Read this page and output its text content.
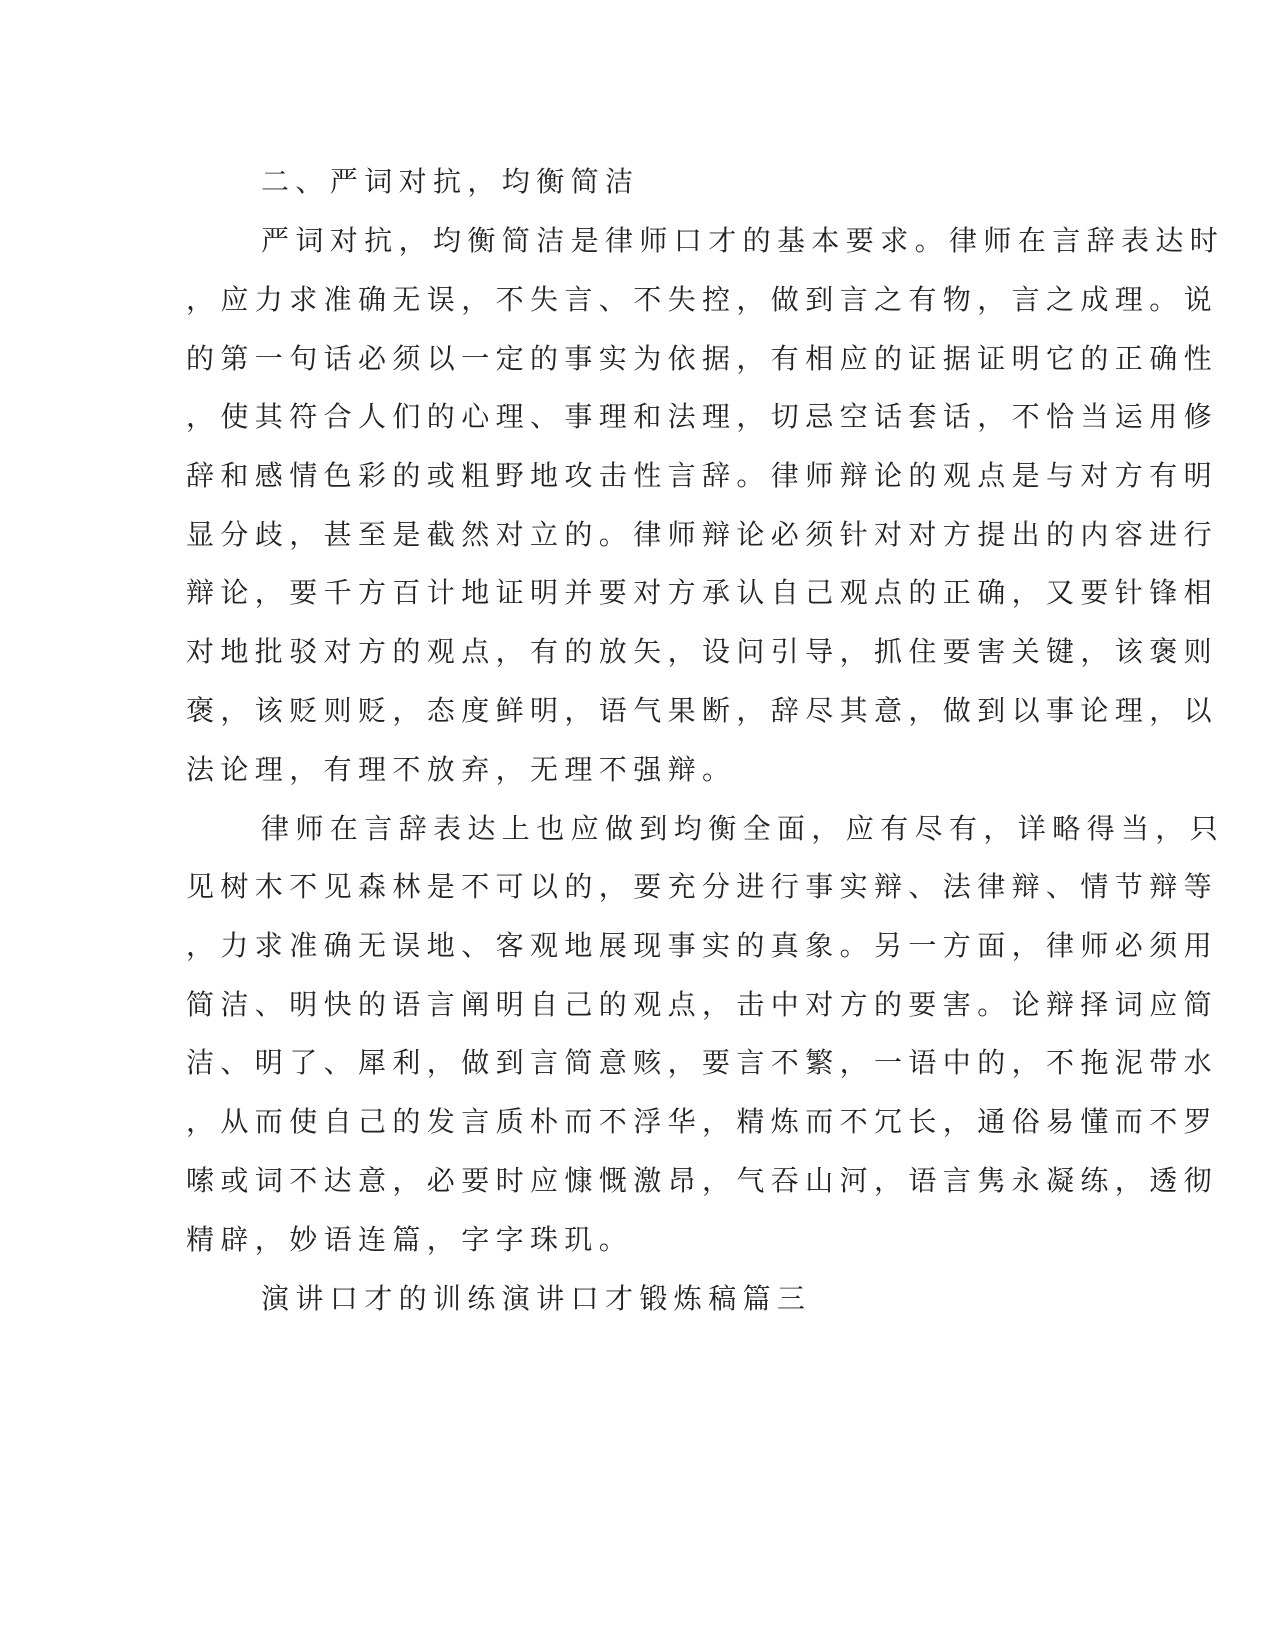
二、严词对抗，均衡简洁
严词对抗，均衡简洁是律师口才的基本要求。律师在言辞表达时
，应力求准确无误，不失言、不失控，做到言之有物，言之成理。说
的第一句话必须以一定的事实为依据，有相应的证据证明它的正确性
，使其符合人们的心理、事理和法理，切忌空话套话，不恰当运用修
辞和感情色彩的或粗野地攻击性言辞。律师辩论的观点是与对方有明
显分歧，甚至是截然对立的。律师辩论必须针对对方提出的内容进行
辩论，要千方百计地证明并要对方承认自己观点的正确，又要针锋相
对地批驳对方的观点，有的放矢，设问引导，抓住要害关键，该褒则
褒，该贬则贬，态度鲜明，语气果断，辞尽其意，做到以事论理，以
法论理，有理不放弃，无理不强辩。
律师在言辞表达上也应做到均衡全面，应有尽有，详略得当，只
见树木不见森林是不可以的，要充分进行事实辩、法律辩、情节辩等
，力求准确无误地、客观地展现事实的真象。另一方面，律师必须用
简洁、明快的语言阐明自己的观点，击中对方的要害。论辩择词应简
洁、明了、犀利，做到言简意赅，要言不繁，一语中的，不拖泥带水
，从而使自己的发言质朴而不浮华，精炼而不冗长，通俗易懂而不罗
嗦或词不达意，必要时应慷慨激昂，气吞山河，语言隽永凝练，透彻
精辟，妙语连篇，字字珠玑。
演讲口才的训练演讲口才锻炼稿篇三
